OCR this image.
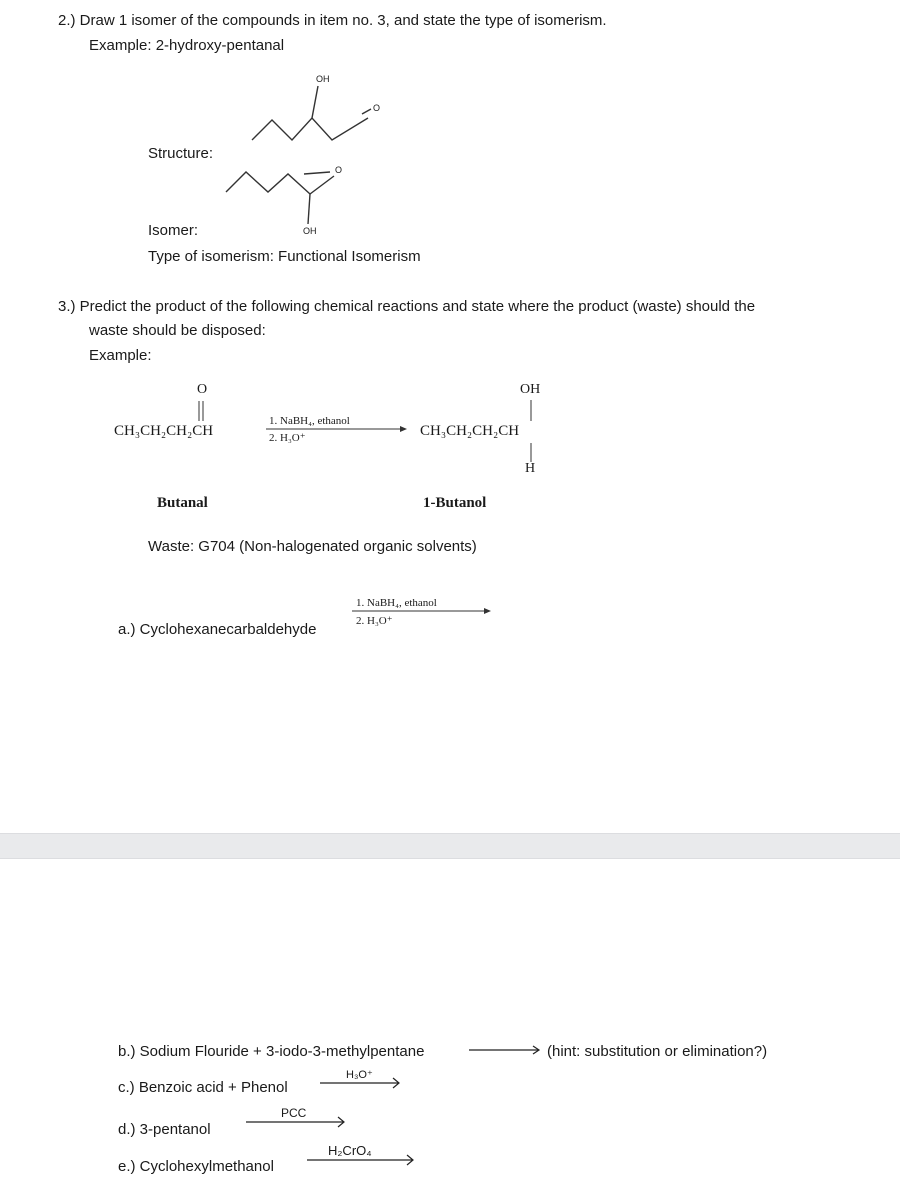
2.) Draw 1 isomer of the compounds in item no. 3, and state the type of isomerism.
Example: 2-hydroxy-pentanal
Structure:
OH
O
O
OH
Isomer:
Type of isomerism: Functional Isomerism
3.) Predict the product of the following chemical reactions and state where the product (waste) should the
waste should be disposed:
Example:
O
CH₃CH₂CH₂CH
1. NaBH₄, ethanol
2. H₃O⁺
OH
CH₃CH₂CH₂CH
H
Butanal	1-Butanol
Waste: G704 (Non-halogenated organic solvents)
1. NaBH₄, ethanol
2. H₃O⁺
a.) Cyclohexanecarbaldehyde
b.) Sodium Flouride + 3-iodo-3-methylpentane	(hint: substitution or elimination?)
H₃O⁺
c.) Benzoic acid + Phenol
PCC
d.) 3-pentanol
H₂CrO₄
e.) Cyclohexylmethanol
